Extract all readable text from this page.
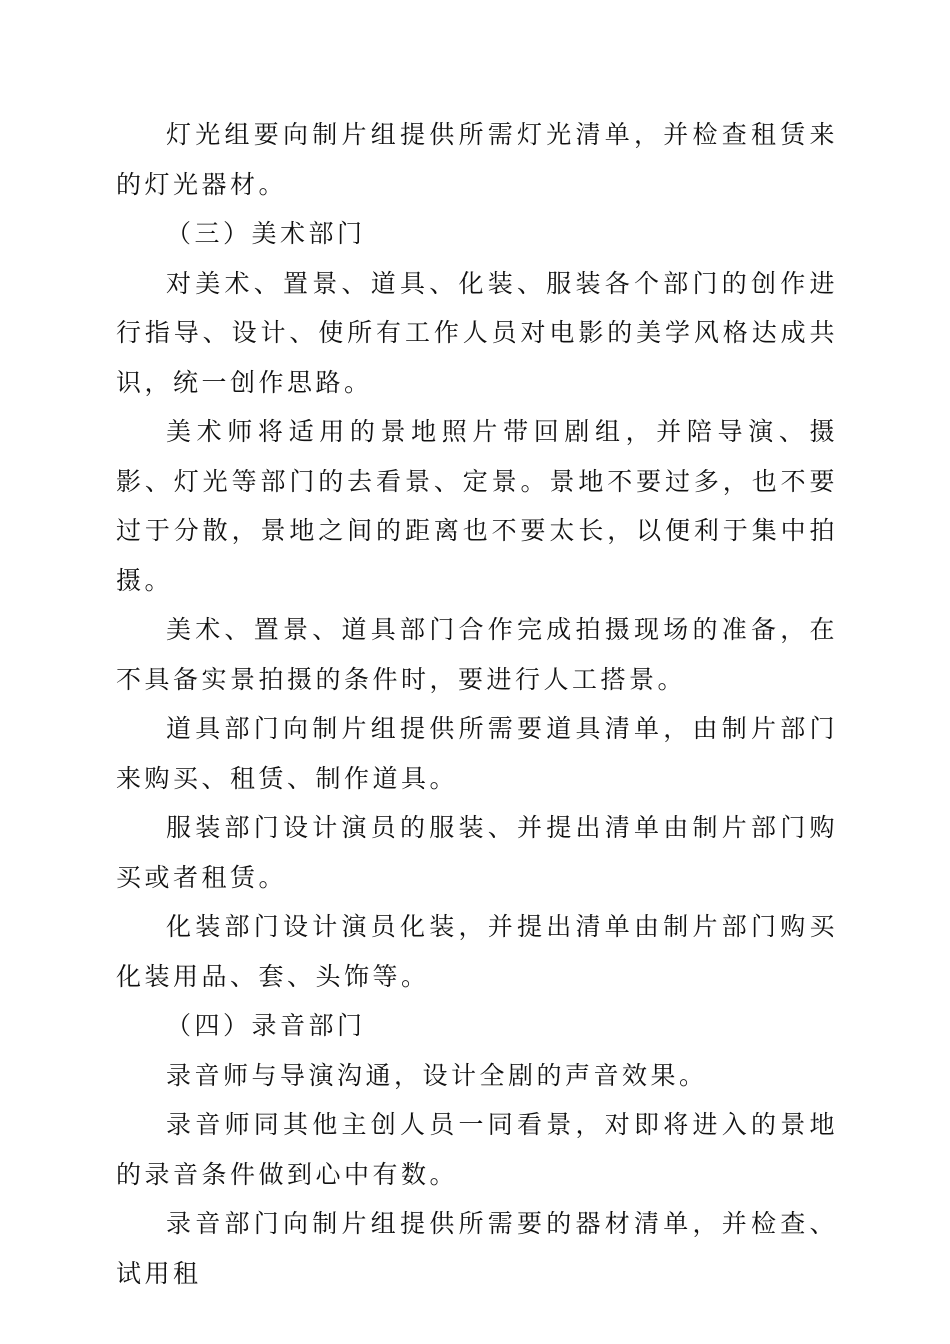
灯光组要向制片组提供所需灯光清单，并检查租赁来的灯光器材。

（三）美术部门

对美术、置景、道具、化装、服装各个部门的创作进行指导、设计、使所有工作人员对电影的美学风格达成共识，统一创作思路。

美术师将适用的景地照片带回剧组，并陪导演、摄影、灯光等部门的去看景、定景。景地不要过多，也不要过于分散，景地之间的距离也不要太长，以便利于集中拍摄。

美术、置景、道具部门合作完成拍摄现场的准备，在不具备实景拍摄的条件时，要进行人工搭景。

道具部门向制片组提供所需要道具清单，由制片部门来购买、租赁、制作道具。

服装部门设计演员的服装、并提出清单由制片部门购买或者租赁。

化装部门设计演员化装，并提出清单由制片部门购买化装用品、套、头饰等。

（四）录音部门

录音师与导演沟通，设计全剧的声音效果。

录音师同其他主创人员一同看景，对即将进入的景地的录音条件做到心中有数。

录音部门向制片组提供所需要的器材清单，并检查、试用租
